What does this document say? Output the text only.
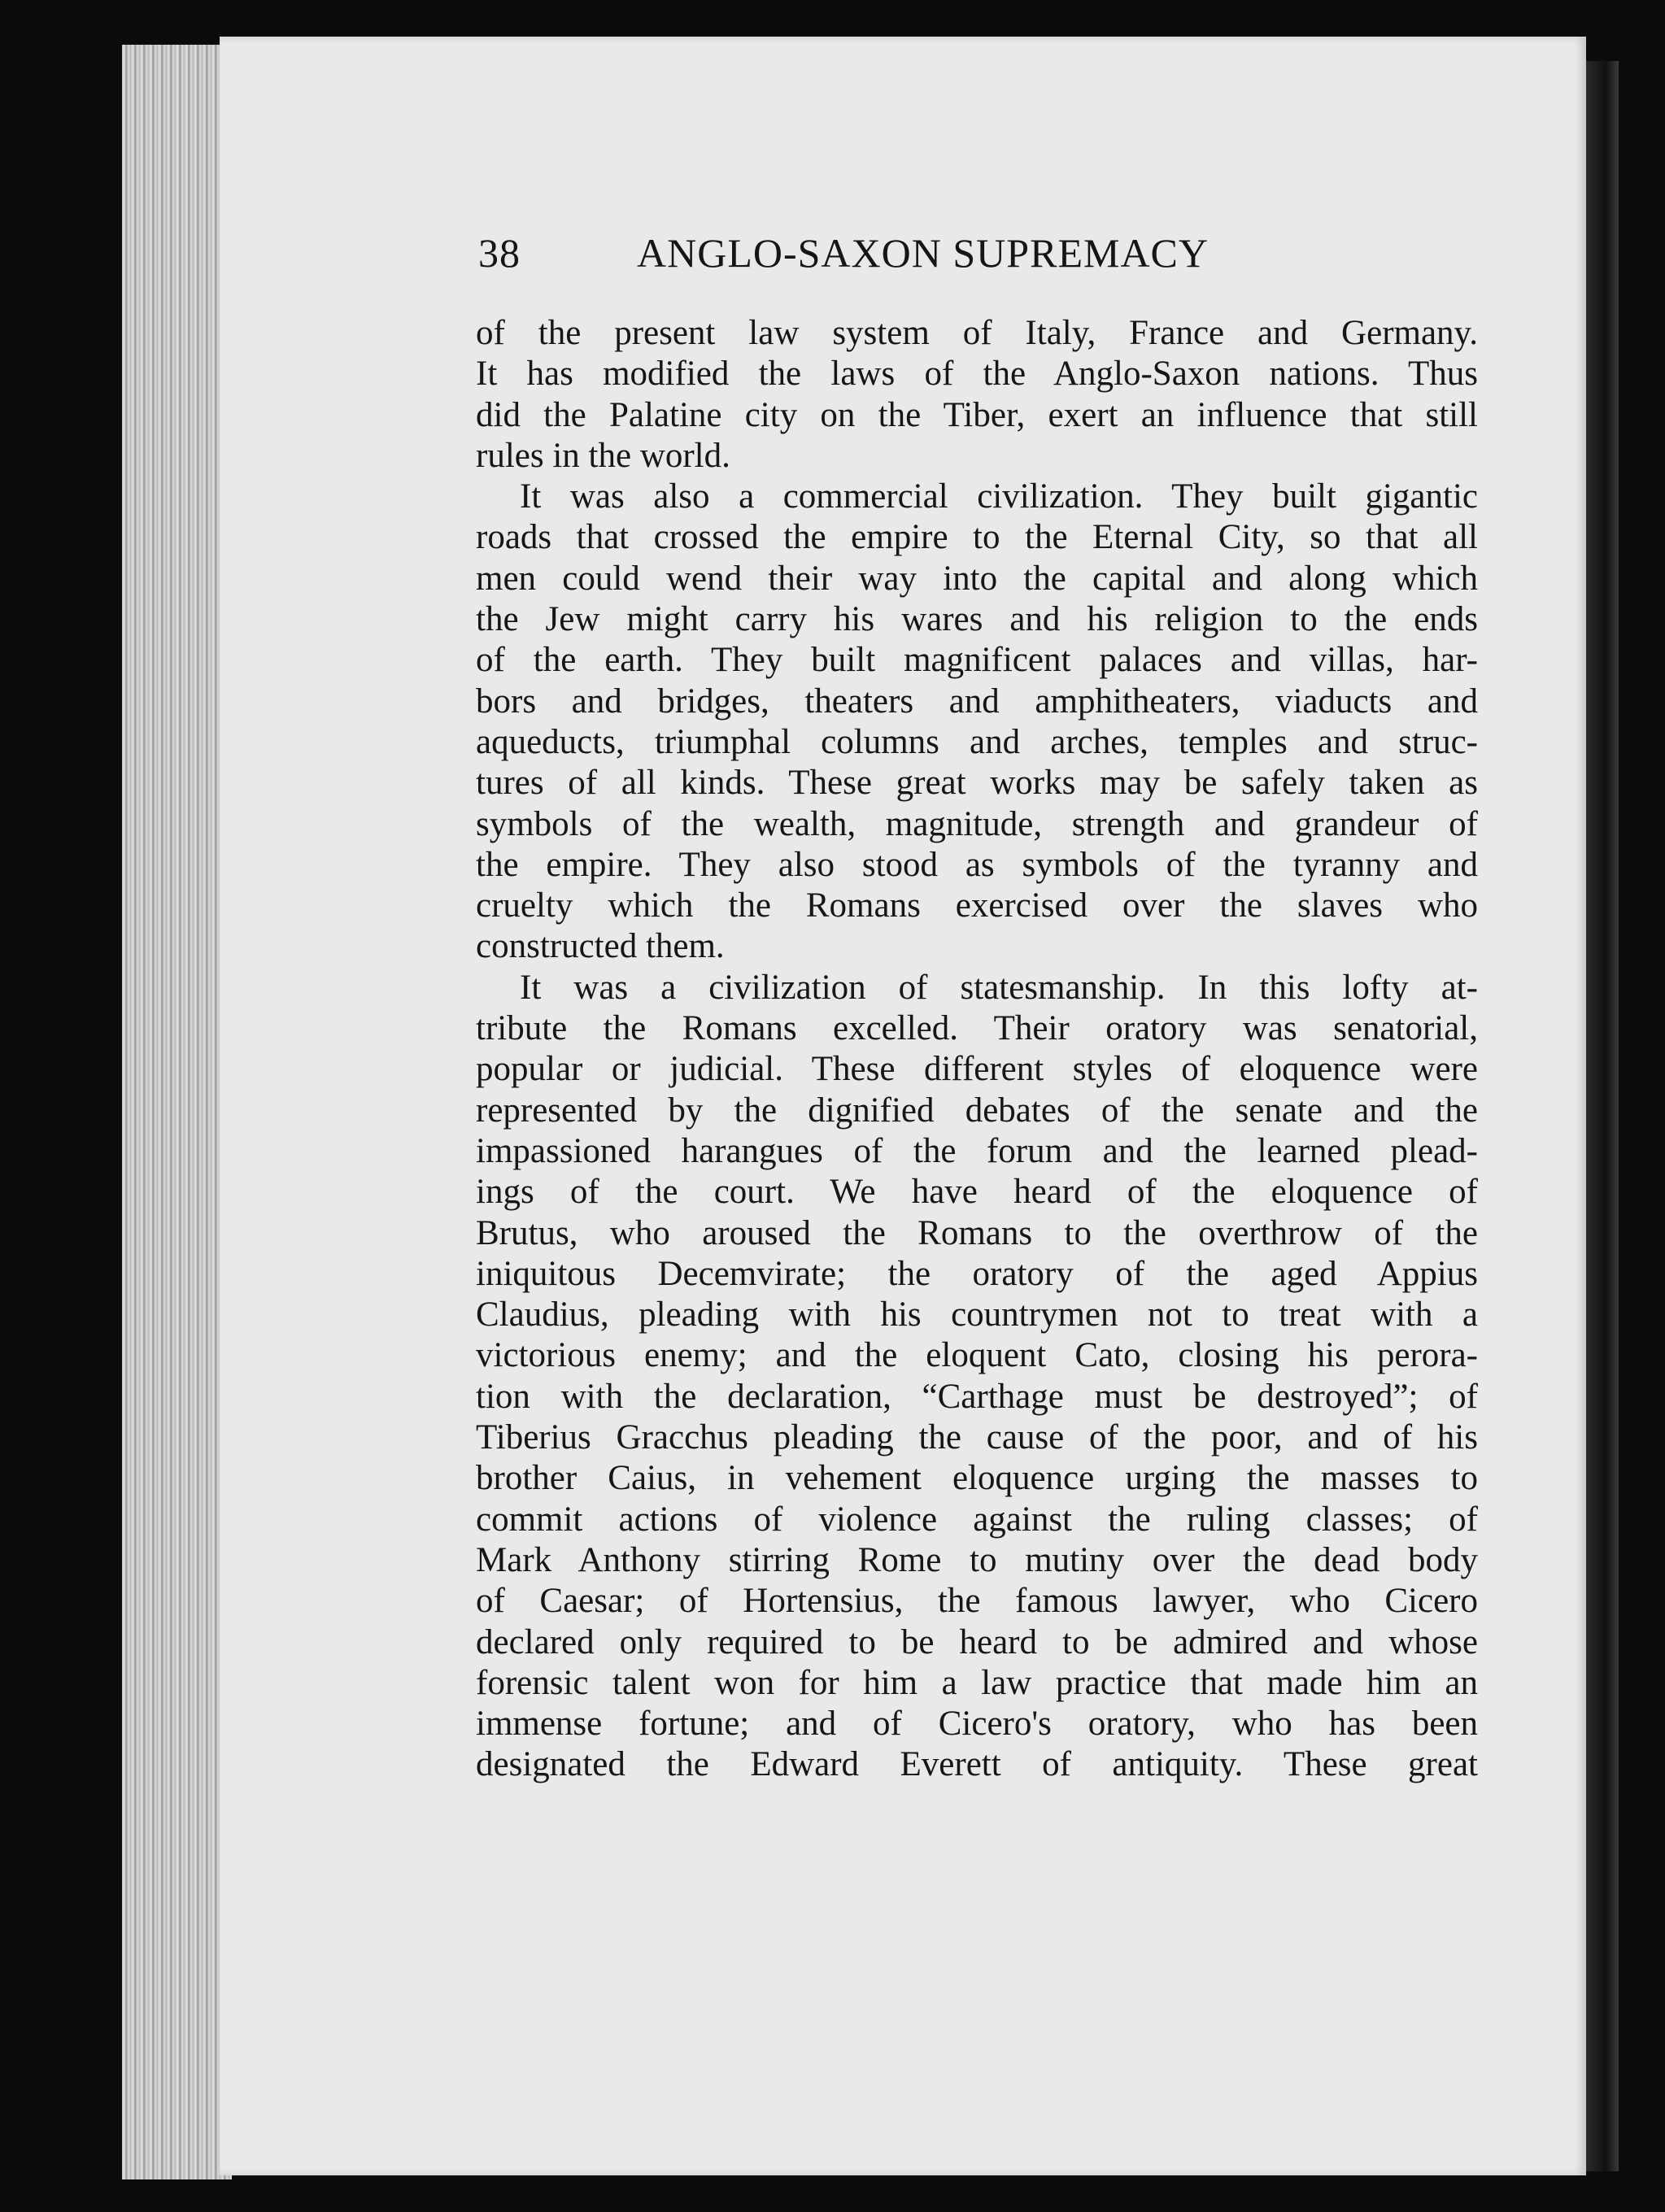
38	ANGLO-SAXON SUPREMACY

of the present law system of Italy, France and Germany.

It has modified the laws of the Anglo-Saxon nations. Thus

did the Palatine city on the Tiber, exert an influence that still

rules in the world.

It was also a commercial civilization. They built gigantic

roads that crossed the empire to the Eternal City, so that all

men could wend their way into the capital and along which

the Jew might carry his wares and his religion to the ends

of the earth. They built magnificent palaces and villas, har-

bors and bridges, theaters and amphitheaters, viaducts and

aqueducts, triumphal columns and arches, temples and struc-

tures of all kinds. These great works may be safely taken as

symbols of the wealth, magnitude, strength and grandeur of

the empire. They also stood as symbols of the tyranny and

cruelty which the Romans exercised over the slaves who

constructed them.

It was a civilization of statesmanship. In this lofty at-

tribute the Romans excelled. Their oratory was senatorial,

popular or judicial. These different styles of eloquence were

represented by the dignified debates of the senate and the

impassioned harangues of the forum and the learned plead-

ings of the court. We have heard of the eloquence of

Brutus, who aroused the Romans to the overthrow of the

iniquitous Decemvirate; the oratory of the aged Appius

Claudius, pleading with his countrymen not to treat with a

victorious enemy; and the eloquent Cato, closing his perora-

tion with the declaration, “Carthage must be destroyed”; of

Tiberius Gracchus pleading the cause of the poor, and of his

brother Caius, in vehement eloquence urging the masses to

commit actions of violence against the ruling classes; of

Mark Anthony stirring Rome to mutiny over the dead body

of Caesar; of Hortensius, the famous lawyer, who Cicero

declared only required to be heard to be admired and whose

forensic talent won for him a law practice that made him an

immense fortune; and of Cicero's oratory, who has been

designated the Edward Everett of antiquity. These great
